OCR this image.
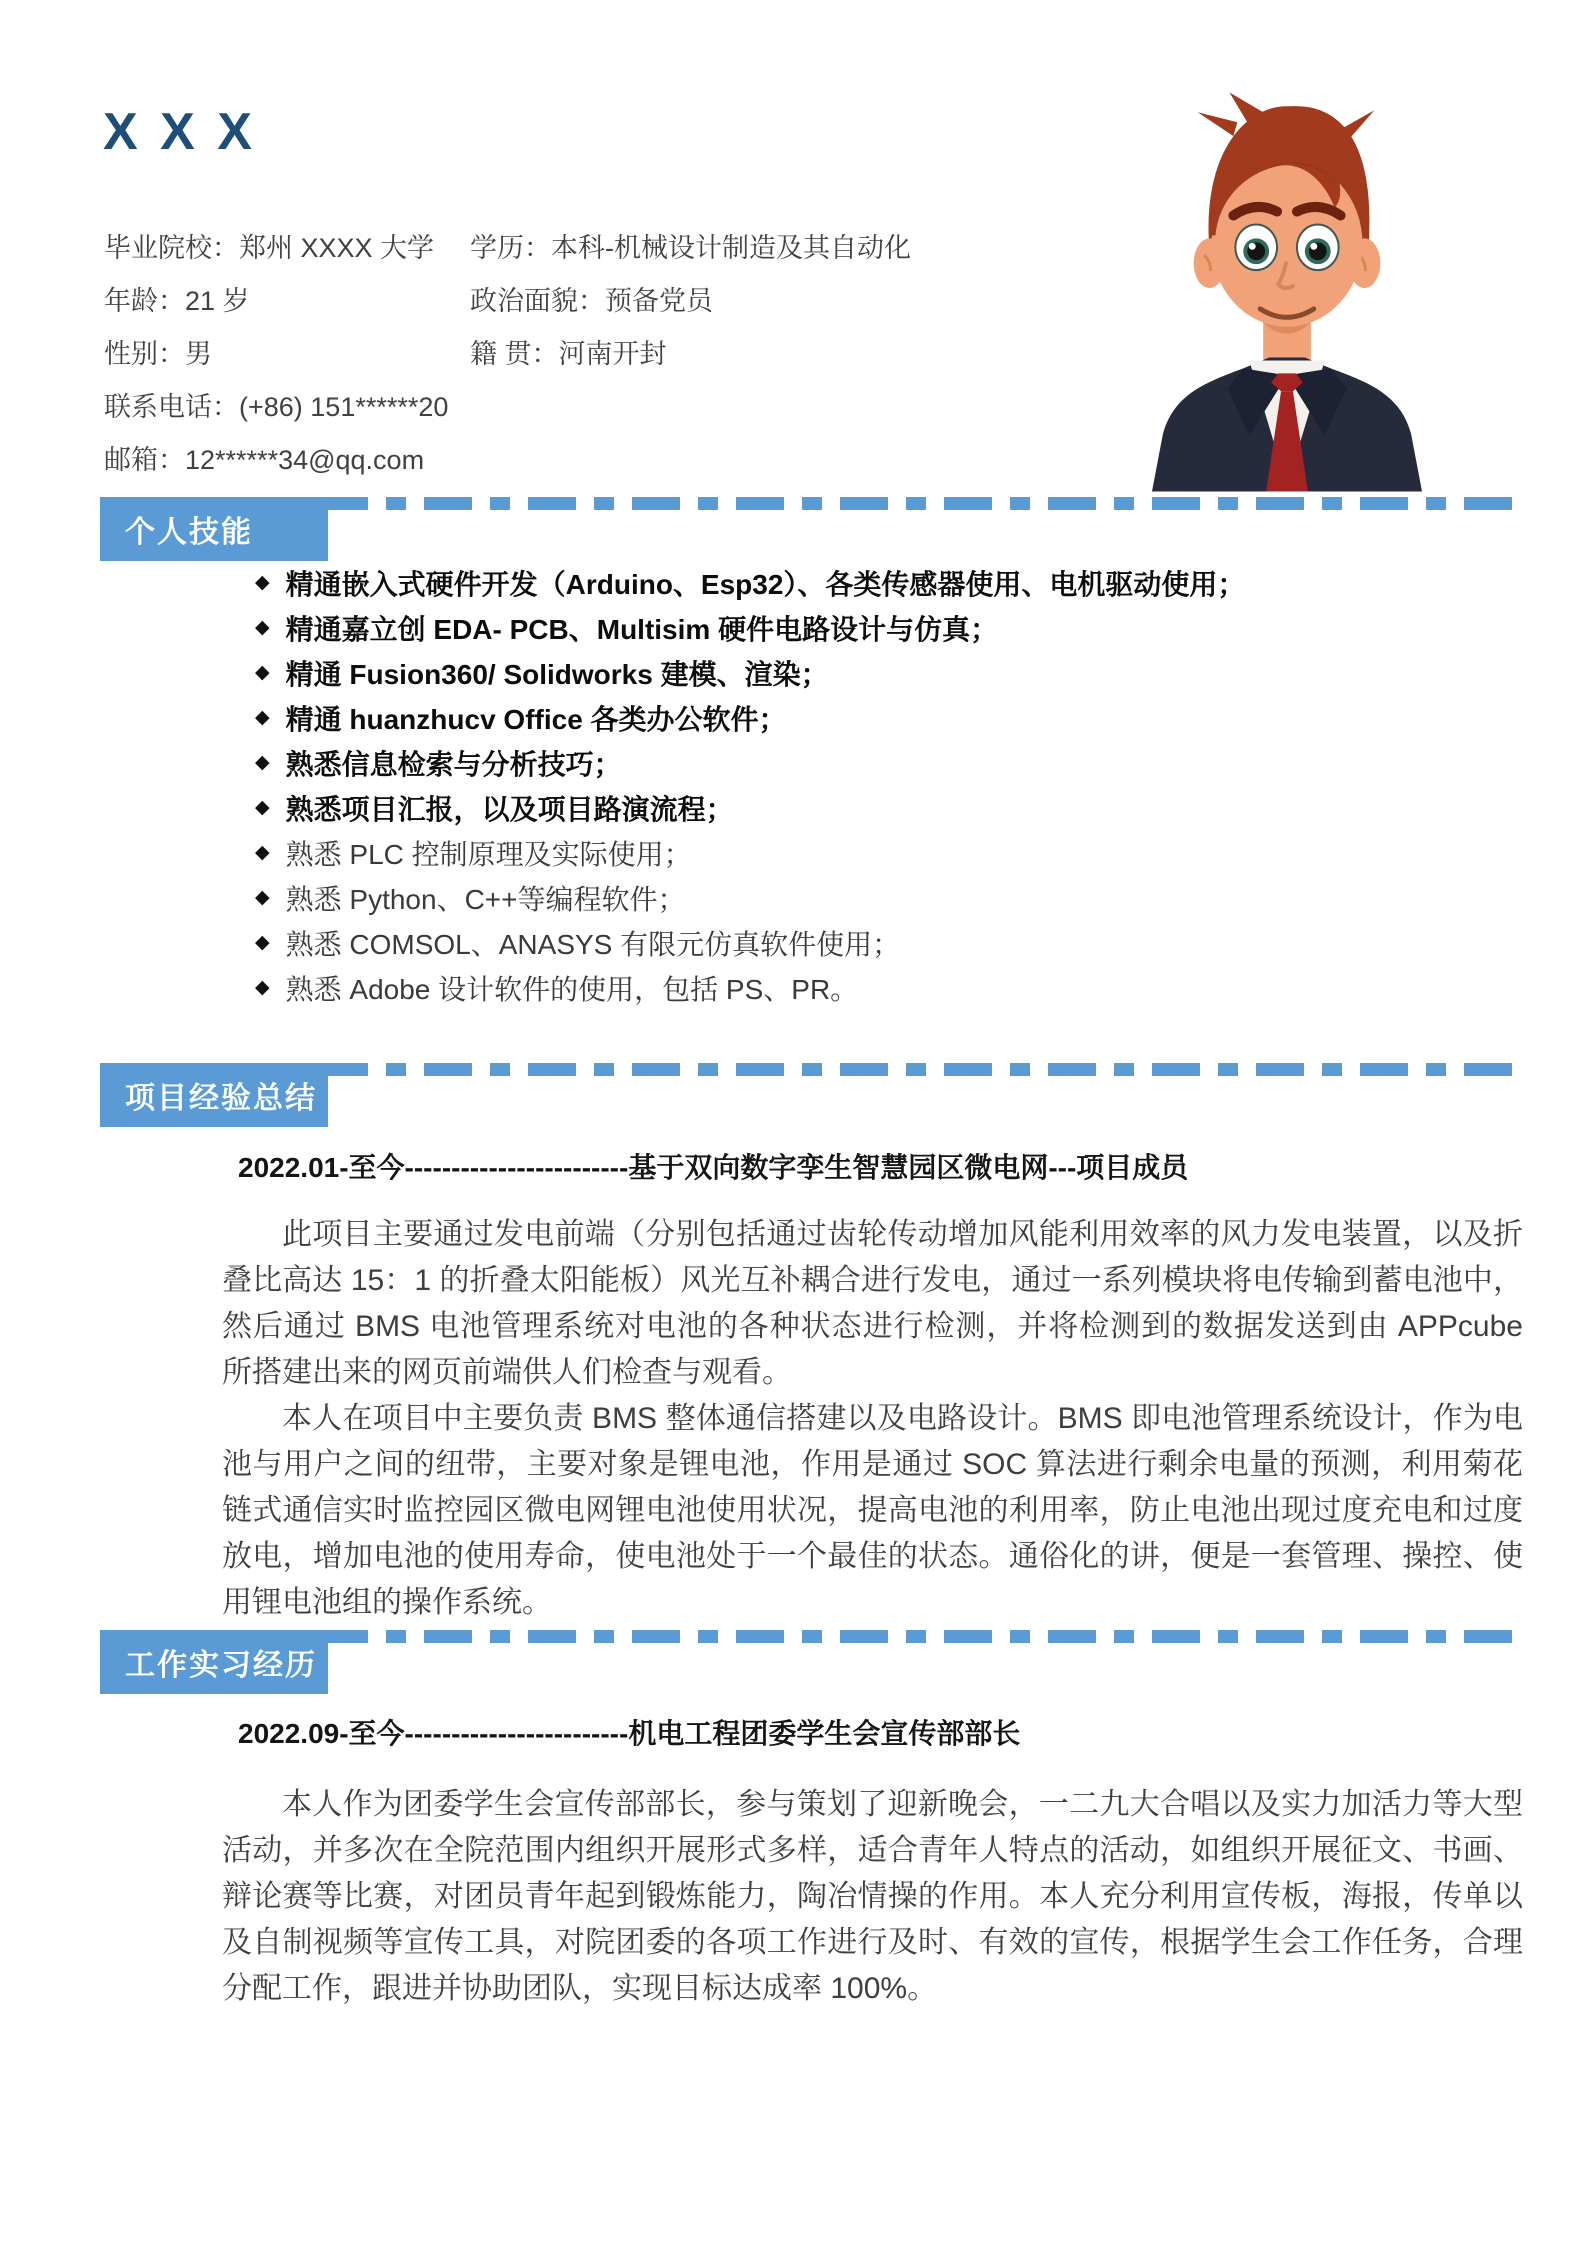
X X X
毕业院校：郑州 XXXX 大学
年龄：21 岁
性别：男
联系电话：(+86) 151******20
邮箱：12******34@qq.com
学历：本科-机械设计制造及其自动化
政治面貌：预备党员
籍 贯：河南开封
个人技能
◆ 精通嵌入式硬件开发（Arduino、Esp32）、各类传感器使用、电机驱动使用；
◆ 精通嘉立创 EDA- PCB、Multisim 硬件电路设计与仿真；
◆ 精通 Fusion360/ Solidworks 建模、渲染；
◆ 精通 huanzhucv Office 各类办公软件；
◆ 熟悉信息检索与分析技巧；
◆ 熟悉项目汇报，以及项目路演流程；
◆ 熟悉 PLC 控制原理及实际使用；
◆ 熟悉 Python、C++等编程软件；
◆ 熟悉 COMSOL、ANASYS 有限元仿真软件使用；
◆ 熟悉 Adobe 设计软件的使用，包括 PS、PR。
项目经验总结
2022.01-至今------------------------基于双向数字孪生智慧园区微电网---项目成员

此项目主要通过发电前端（分别包括通过齿轮传动增加风能利用效率的风力发电装置，以及折叠比高达 15：1 的折叠太阳能板）风光互补耦合进行发电，通过一系列模块将电传输到蓄电池中，然后通过 BMS 电池管理系统对电池的各种状态进行检测，并将检测到的数据发送到由 APPcube 所搭建出来的网页前端供人们检查与观看。

本人在项目中主要负责 BMS 整体通信搭建以及电路设计。BMS 即电池管理系统设计，作为电池与用户之间的纽带，主要对象是锂电池，作用是通过 SOC 算法进行剩余电量的预测，利用菊花链式通信实时监控园区微电网锂电池使用状况，提高电池的利用率，防止电池出现过度充电和过度放电，增加电池的使用寿命，使电池处于一个最佳的状态。通俗化的讲，便是一套管理、操控、使用锂电池组的操作系统。

工作实习经历
2022.09-至今------------------------机电工程团委学生会宣传部部长

本人作为团委学生会宣传部部长，参与策划了迎新晚会，一二九大合唱以及实力加活力等大型活动，并多次在全院范围内组织开展形式多样，适合青年人特点的活动，如组织开展征文、书画、辩论赛等比赛，对团员青年起到锻炼能力，陶冶情操的作用。本人充分利用宣传板，海报，传单以及自制视频等宣传工具，对院团委的各项工作进行及时、有效的宣传，根据学生会工作任务，合理分配工作，跟进并协助团队，实现目标达成率 100%。
